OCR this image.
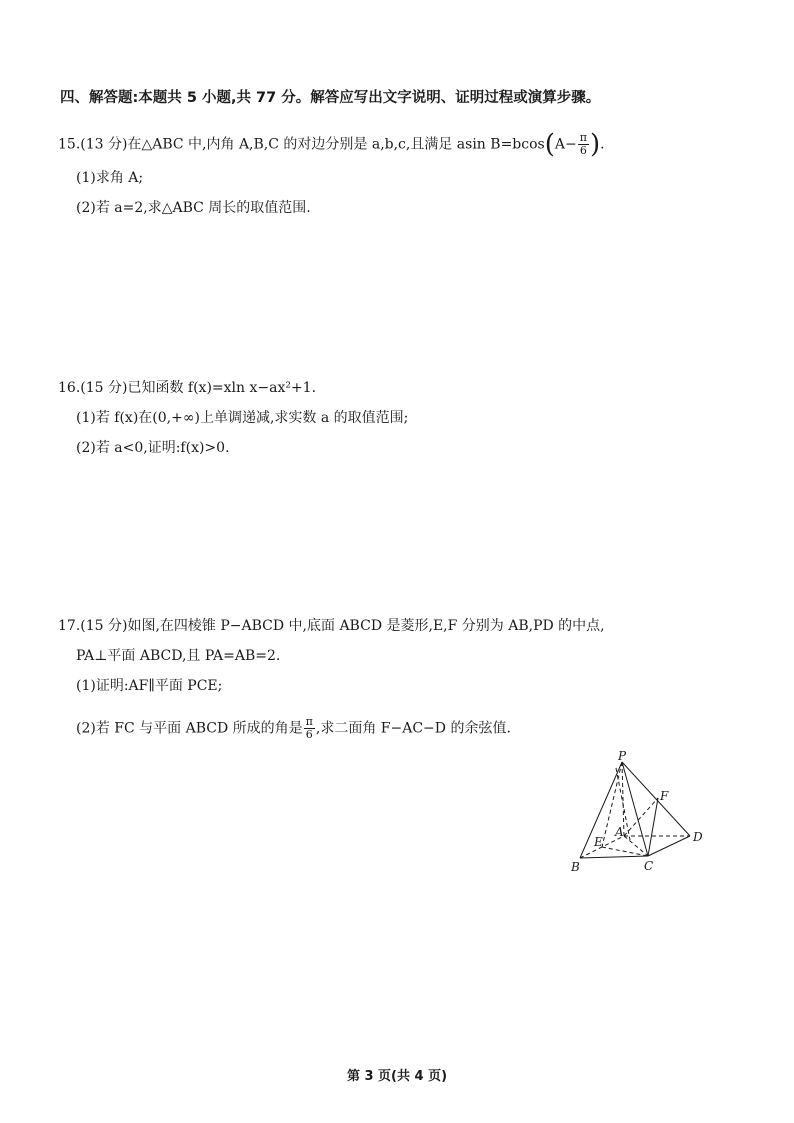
四、解答题:本题共 5 小题,共 77 分。解答应写出文字说明、证明过程或演算步骤。
15.(13 分)在△ABC 中,内角 A,B,C 的对边分别是 a,b,c,且满足 asin $B=bcos(A- \frac{\pi}{6}$ ).
(1)求角 A;
(2)若 a=2,求△ABC 周长的取值范围.
16.(15 分)已知函数 f(x)=xln x−ax²+1.
(1)若 f(x)在(0,+∞)上单调递减,求实数 a 的取值范围;
(2)若 a<0,证明:f(x)>0.
17.(15 分)如图,在四棱锥 P−ABCD 中,底面 ABCD 是菱形,E,F 分别为 AB,PD 的中点,
PA⊥平面 ABCD,且 PA=AB=2.
(1)证明:AF∥平面 PCE;
(2)若 FC 与平面 ABCD 所成的角是 $\frac{\pi}{6}$ ,求二面角 F−AC−D 的余弦值.
P
F
A
E	D
B	C
第 3 页(共 4 页)
